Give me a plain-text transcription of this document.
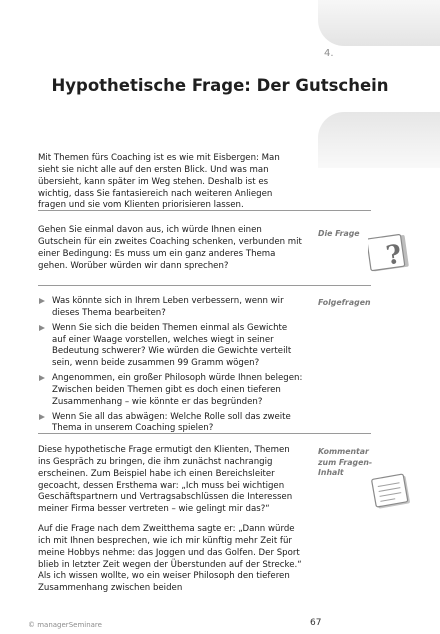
4.
Hypothetische Frage: Der Gutschein
Mit Themen fürs Coaching ist es wie mit Eisbergen: Man sieht sie nicht alle auf den ersten Blick. Und was man übersieht, kann später im Weg stehen. Deshalb ist es wichtig, dass Sie fantasiereich nach weiteren Anliegen fragen und sie vom Klienten priorisieren lassen.
Gehen Sie einmal davon aus, ich würde Ihnen einen Gutschein für ein zweites Coaching schenken, verbunden mit einer Bedingung: Es muss um ein ganz anderes Thema gehen. Worüber würden wir dann sprechen?
Die Frage
?
Was könnte sich in Ihrem Leben verbessern, wenn wir dieses Thema bearbeiten?
Wenn Sie sich die beiden Themen einmal als Gewichte auf einer Waage vorstellen, welches wiegt in seiner Bedeutung schwerer? Wie würden die Gewichte verteilt sein, wenn beide zusammen 99 Gramm wögen?
Angenommen, ein großer Philosoph würde Ihnen belegen: Zwischen beiden Themen gibt es doch einen tieferen Zusammenhang – wie könnte er das begründen?
Wenn Sie all das abwägen: Welche Rolle soll das zweite Thema in unserem Coaching spielen?
Folgefragen

Diese hypothetische Frage ermutigt den Klienten, Themen ins Gespräch zu bringen, die ihm zunächst nachrangig erscheinen. Zum Beispiel habe ich einen Bereichsleiter gecoacht, dessen Ersthema war: „Ich muss bei wichtigen Geschäftspartnern und Vertragsabschlüssen die Interessen meiner Firma besser vertreten – wie gelingt mir das?“

Auf die Frage nach dem Zweitthema sagte er: „Dann würde ich mit Ihnen besprechen, wie ich mir künftig mehr Zeit für meine Hobbys nehme: das Joggen und das Golfen. Der Sport blieb in letzter Zeit wegen der Überstunden auf der Strecke.“ Als ich wissen wollte, wo ein weiser Philosoph den tieferen Zusammenhang zwischen beiden

Kommentar zum Fragen-Inhalt
© managerSeminare	67
